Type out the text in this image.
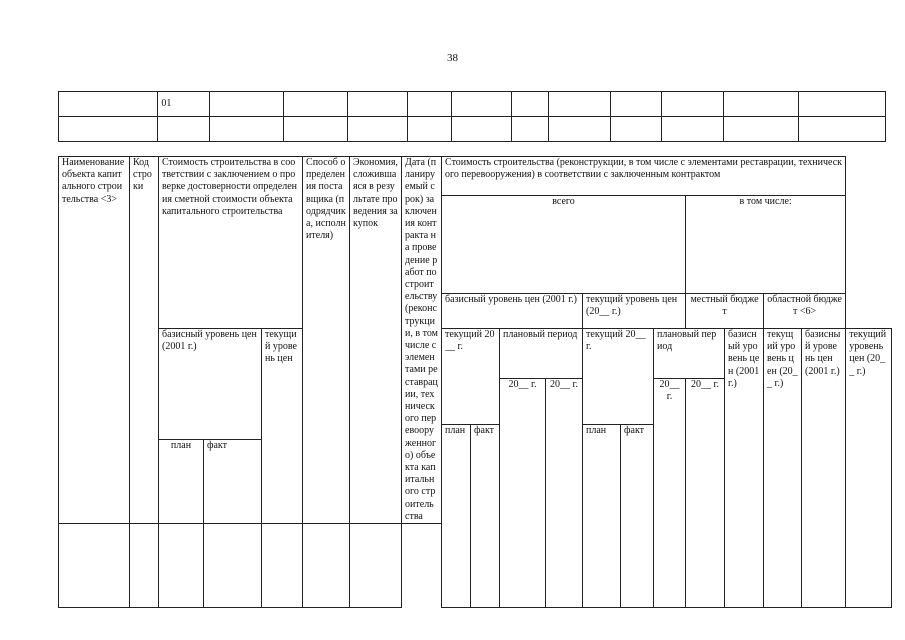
38
	01											

Наименование объекта капитального строительства <3>	Код строки	Стоимость строительства в соответствии с заключением о проверке достоверности определения сметной стоимости объекта капитального строительства			Способ определения поставщика (подрядчика, исполнителя)	Экономия, сложившаяся в результате проведения закупок	Дата (планируемый срок) заключения контракта на проведение работ по строительству (реконструкции, в том числе с элементами реставрации, технического перевооруженного) объекта капитального строительства	Стоимость строительства (реконструкции, в том числе с элементами реставрации, технического перевооружения) в соответствии с заключенным контрактом											
								всего							в том числе:				
								базисный уровень цен (2001 г.)				текущий уровень цен (20__ г.)			местный бюджет		областной бюджет <6>		
		базисный уровень цен (2001 г.)		текущий уровень цен				текущий 20__ г.		плановый период		текущий 20__ г.		плановый период		базисный уровень цен (2001 г.)	текущий уровень цен (20__ г.)	базисный уровень цен (2001 г.)	текущий уровень цен (20__ г.)
										20__ г.	20__ г.			20__ г.	20__ г.				
								план	факт			план	факт						
		план	факт																
